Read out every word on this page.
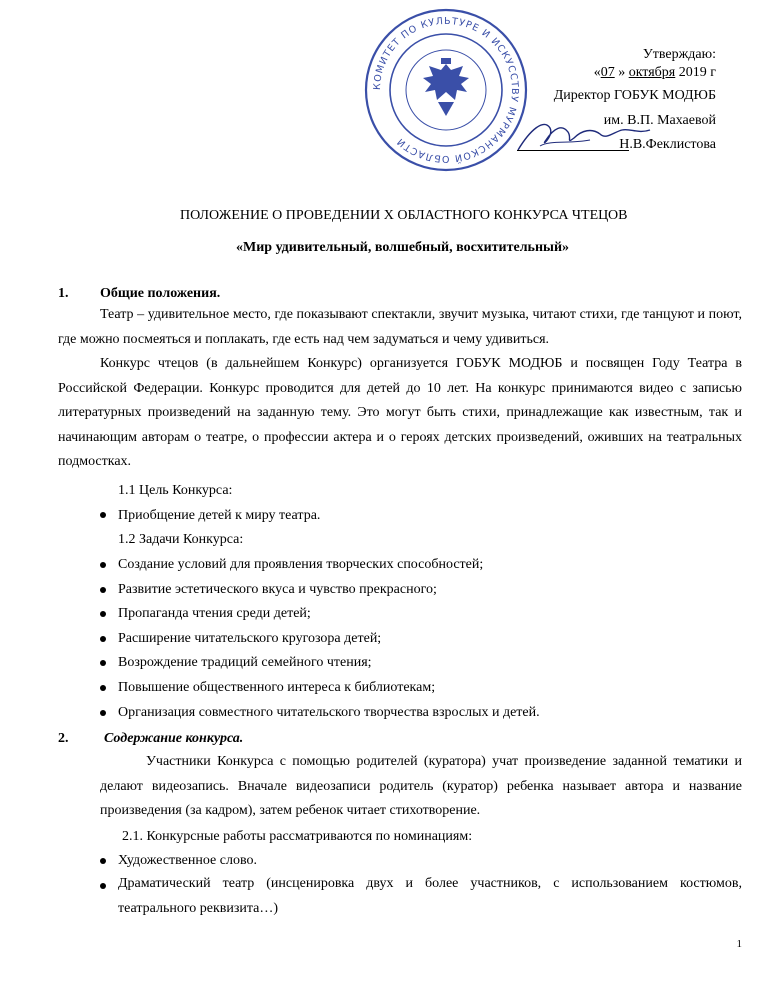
КОМИТЕТ ПО КУЛЬТУРЕ И ИСКУССТВУ МУРМАНСКОЙ ОБЛАСТИ
Утверждаю:
«07 » октября 2019 г
Директор ГОБУК МОДЮБ
им. В.П. Махаевой
Н.В.Феклистова
ПОЛОЖЕНИЕ О ПРОВЕДЕНИИ X ОБЛАСТНОГО КОНКУРСА ЧТЕЦОВ
«Мир удивительный, волшебный, восхитительный»
1. Общие положения.
Театр – удивительное место, где показывают спектакли, звучит музыка, читают стихи, где танцуют и поют, где можно посмеяться и поплакать, где есть над чем задуматься и чему удивиться.
Конкурс чтецов (в дальнейшем Конкурс) организуется ГОБУК МОДЮБ и посвящен Году Театра в Российской Федерации. Конкурс проводится для детей до 10 лет. На конкурс принимаются видео с записью литературных произведений на заданную тему. Это могут быть стихи, принадлежащие как известным, так и начинающим авторам о театре, о профессии актера и о героях детских произведений, оживших на театральных подмостках.
1.1 Цель Конкурса:
Приобщение детей к миру театра.
1.2 Задачи Конкурса:
Создание условий для проявления творческих способностей;
Развитие эстетического вкуса и чувство прекрасного;
Пропаганда чтения среди детей;
Расширение читательского кругозора детей;
Возрождение традиций семейного чтения;
Повышение общественного интереса к библиотекам;
Организация совместного читательского творчества взрослых и детей.
2.	Содержание конкурса.
Участники Конкурса с помощью родителей (куратора) учат произведение заданной тематики и делают видеозапись. Вначале видеозаписи родитель (куратор) ребенка называет автора и название произведения (за кадром), затем ребенок читает стихотворение.
2.1. Конкурсные работы рассматриваются по номинациям:
Художественное слово.
Драматический театр (инсценировка двух и более участников, с использованием костюмов, театрального реквизита…)
1
